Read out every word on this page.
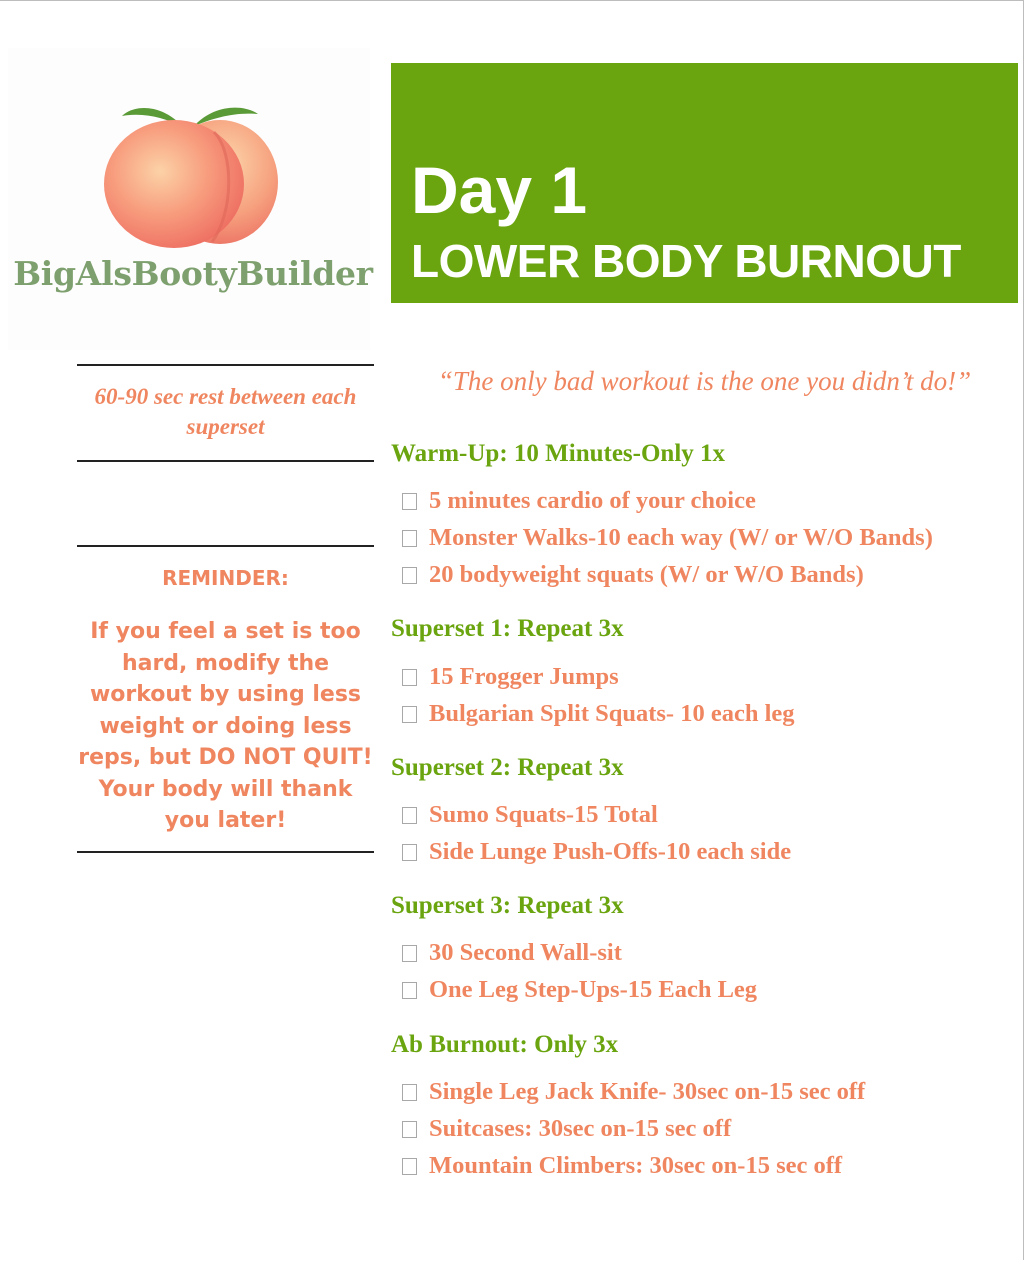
BigAlsBootyBuilder
Day 1
LOWER BODY BURNOUT
60-90 sec rest between each superset
REMINDER:
If you feel a set is too hard, modify the workout by using less weight or doing less reps, but DO NOT QUIT! Your body will thank you later!
“The only bad workout is the one you didn’t do!”
Warm-Up: 10 Minutes-Only 1x
5 minutes cardio of your choice
Monster Walks-10 each way (W/ or W/O Bands)
20 bodyweight squats (W/ or W/O Bands)
Superset 1: Repeat 3x
15 Frogger Jumps
Bulgarian Split Squats- 10 each leg
Superset 2: Repeat 3x
Sumo Squats-15 Total
Side Lunge Push-Offs-10 each side
Superset 3: Repeat 3x
30 Second Wall-sit
One Leg Step-Ups-15 Each Leg
Ab Burnout: Only 3x
Single Leg Jack Knife- 30sec on-15 sec off
Suitcases: 30sec on-15 sec off
Mountain Climbers: 30sec on-15 sec off
